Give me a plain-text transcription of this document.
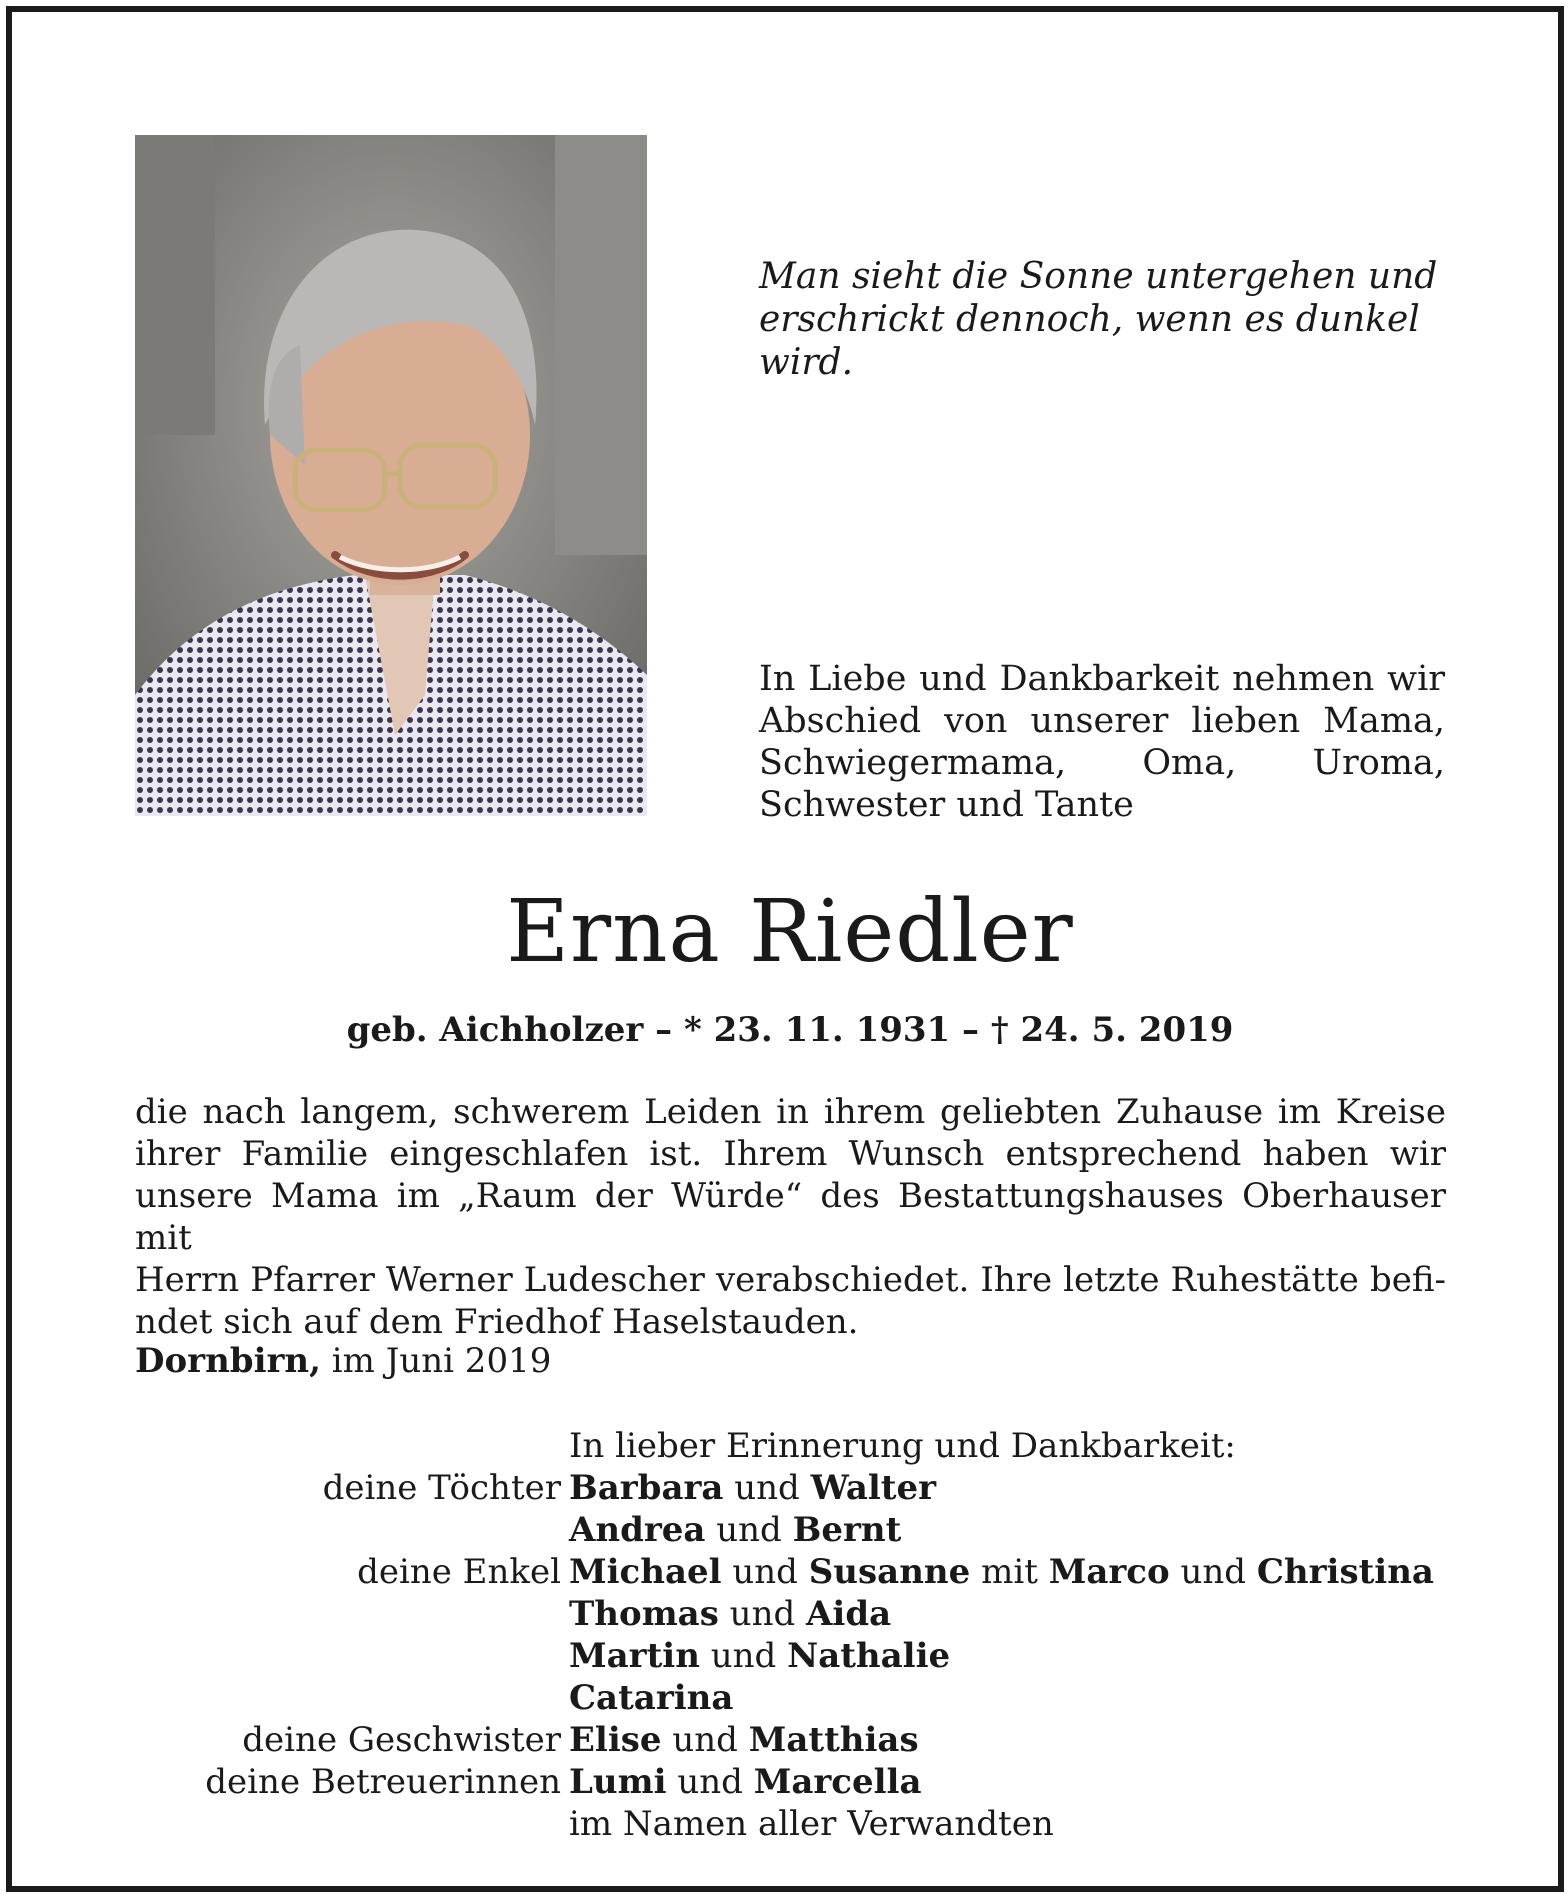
Man sieht die Sonne untergehen und
erschrickt dennoch, wenn es dunkel wird.
In Liebe und Dankbarkeit nehmen wir
Abschied von unserer lieben Mama,
Schwiegermama, Oma, Uroma,
Schwester und Tante
Erna Riedler
geb. Aichholzer – * 23. 11. 1931 – † 24. 5. 2019
die nach langem, schwerem Leiden in ihrem geliebten Zuhause im Kreise
ihrer Familie eingeschlafen ist. Ihrem Wunsch entsprechend haben wir
unsere Mama im „Raum der Würde“ des Bestattungshauses Oberhauser mit
Herrn Pfarrer Werner Ludescher verabschiedet. Ihre letzte Ruhestätte befi-
ndet sich auf dem Friedhof Haselstauden.
Dornbirn, im Juni 2019
In lieber Erinnerung und Dankbarkeit:
deine Töchter Barbara und Walter
Andrea und Bernt
deine Enkel Michael und Susanne mit Marco und Christina
Thomas und Aida
Martin und Nathalie
Catarina
deine Geschwister Elise und Matthias
deine Betreuerinnen Lumi und Marcella
im Namen aller Verwandten
